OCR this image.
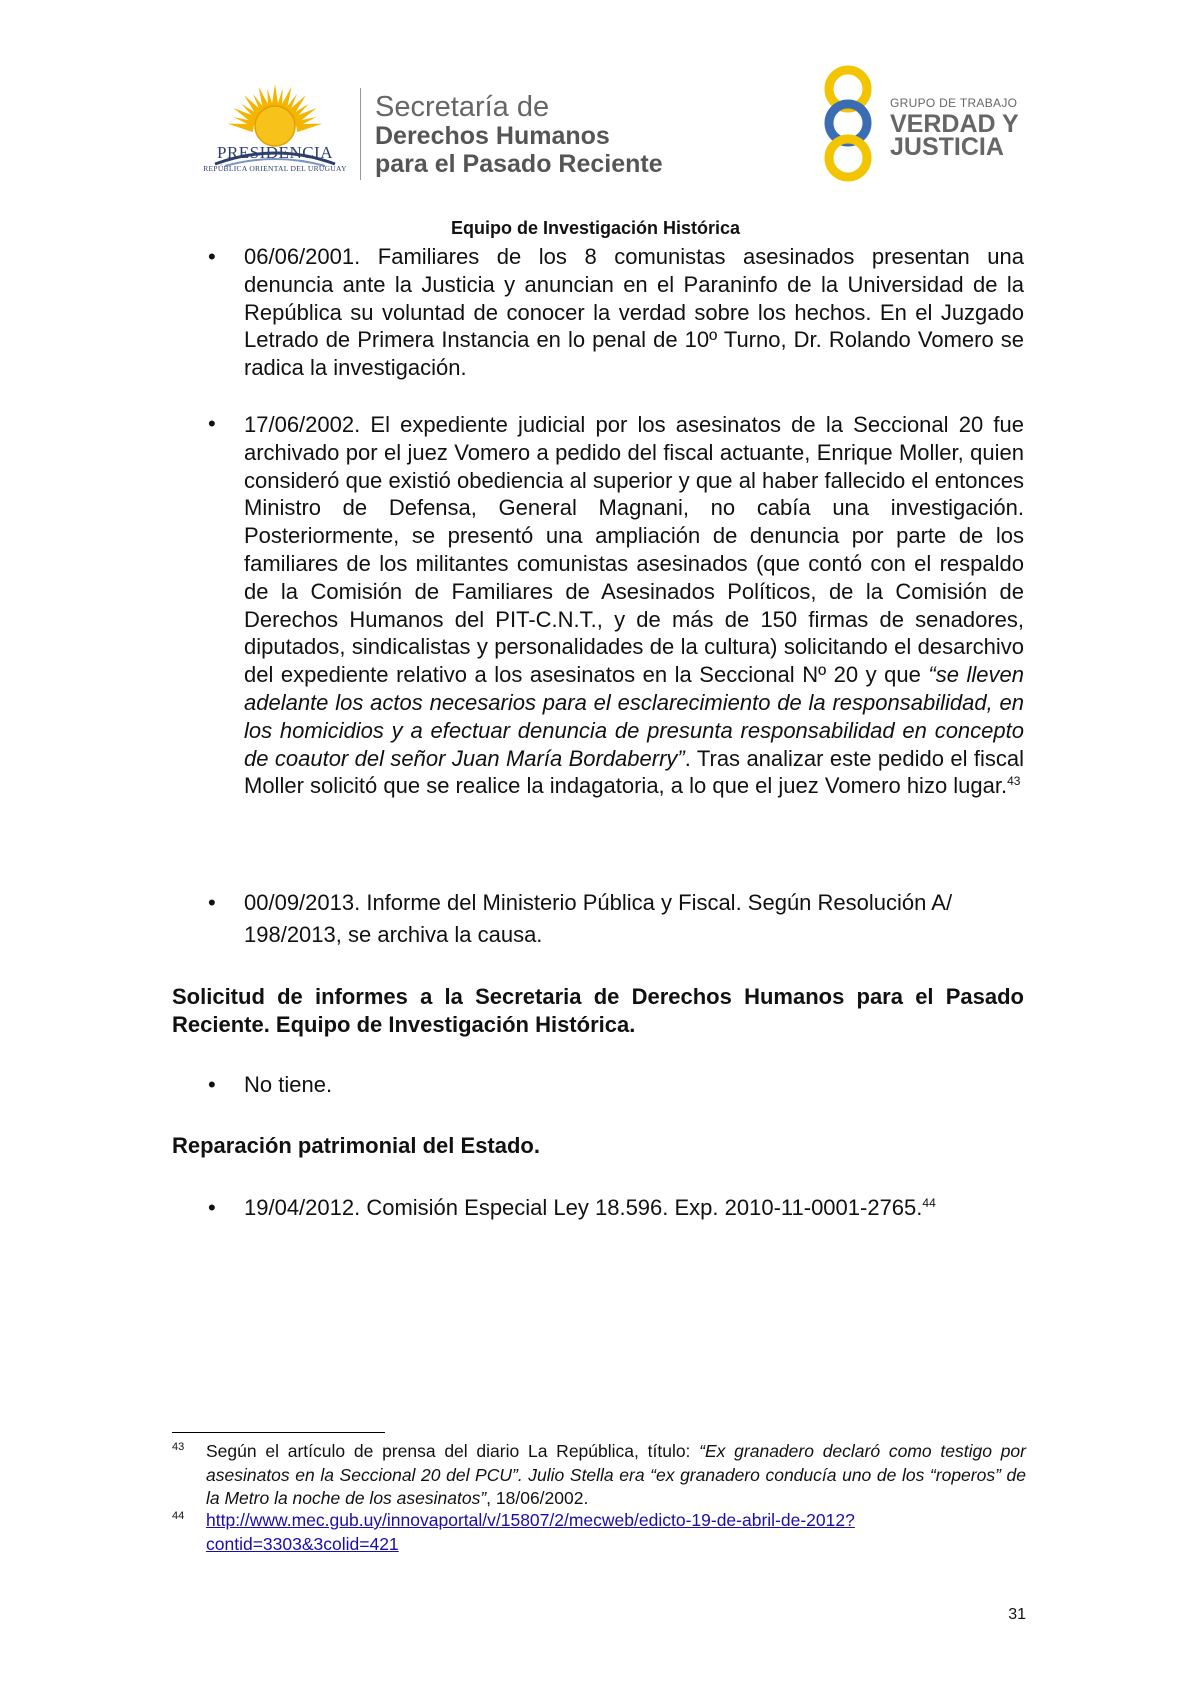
PRESIDENCIA
REPÚBLICA ORIENTAL DEL URUGUAY
Secretaría de
Derechos Humanos
para el Pasado Reciente
GRUPO DE TRABAJO
VERDAD Y
JUSTICIA
Equipo de Investigación Histórica
• 06/06/2001. Familiares de los 8 comunistas asesinados presentan una denuncia ante la Justicia y anuncian en el Paraninfo de la Universidad de la República su voluntad de conocer la verdad sobre los hechos. En el Juzgado Letrado de Primera Instancia en lo penal de 10º Turno, Dr. Rolando Vomero se radica la investigación.
• 17/06/2002. El expediente judicial por los asesinatos de la Seccional 20 fue archivado por el juez Vomero a pedido del fiscal actuante, Enrique Moller, quien consideró que existió obediencia al superior y que al haber fallecido el entonces Ministro de Defensa, General Magnani, no cabía una investigación. Posteriormente, se presentó una ampliación de denuncia por parte de los familiares de los militantes comunistas asesinados (que contó con el respaldo de la Comisión de Familiares de Asesinados Políticos, de la Comisión de Derechos Humanos del PIT-C.N.T., y de más de 150 firmas de senadores, diputados, sindicalistas y personalidades de la cultura) solicitando el desarchivo del expediente relativo a los asesinatos en la Seccional Nº 20 y que “se lleven adelante los actos necesarios para el esclarecimiento de la responsabilidad, en los homicidios y a efectuar denuncia de presunta responsabilidad en concepto de coautor del señor Juan María Bordaberry”. Tras analizar este pedido el fiscal Moller solicitó que se realice la indagatoria, a lo que el juez Vomero hizo lugar.$^{43}$
• 00/09/2013. Informe del Ministerio Pública y Fiscal. Según Resolución A/
198/2013, se archiva la causa.
Solicitud de informes a la Secretaria de Derechos Humanos para el Pasado Reciente. Equipo de Investigación Histórica.
• No tiene.
Reparación patrimonial del Estado.
• 19/04/2012. Comisión Especial Ley 18.596. Exp. 2010-11-0001-2765.44
43 Según el artículo de prensa del diario La República, título: “Ex granadero declaró como testigo por asesinatos en la Seccional 20 del PCU”. Julio Stella era “ex granadero conducía uno de los “roperos” de la Metro la noche de los asesinatos”, 18/06/2002.
44 http://www.mec.gub.uy/innovaportal/v/15807/2/mecweb/edicto-19-de-abril-de-2012?
contid=3303&3colid=421
31
